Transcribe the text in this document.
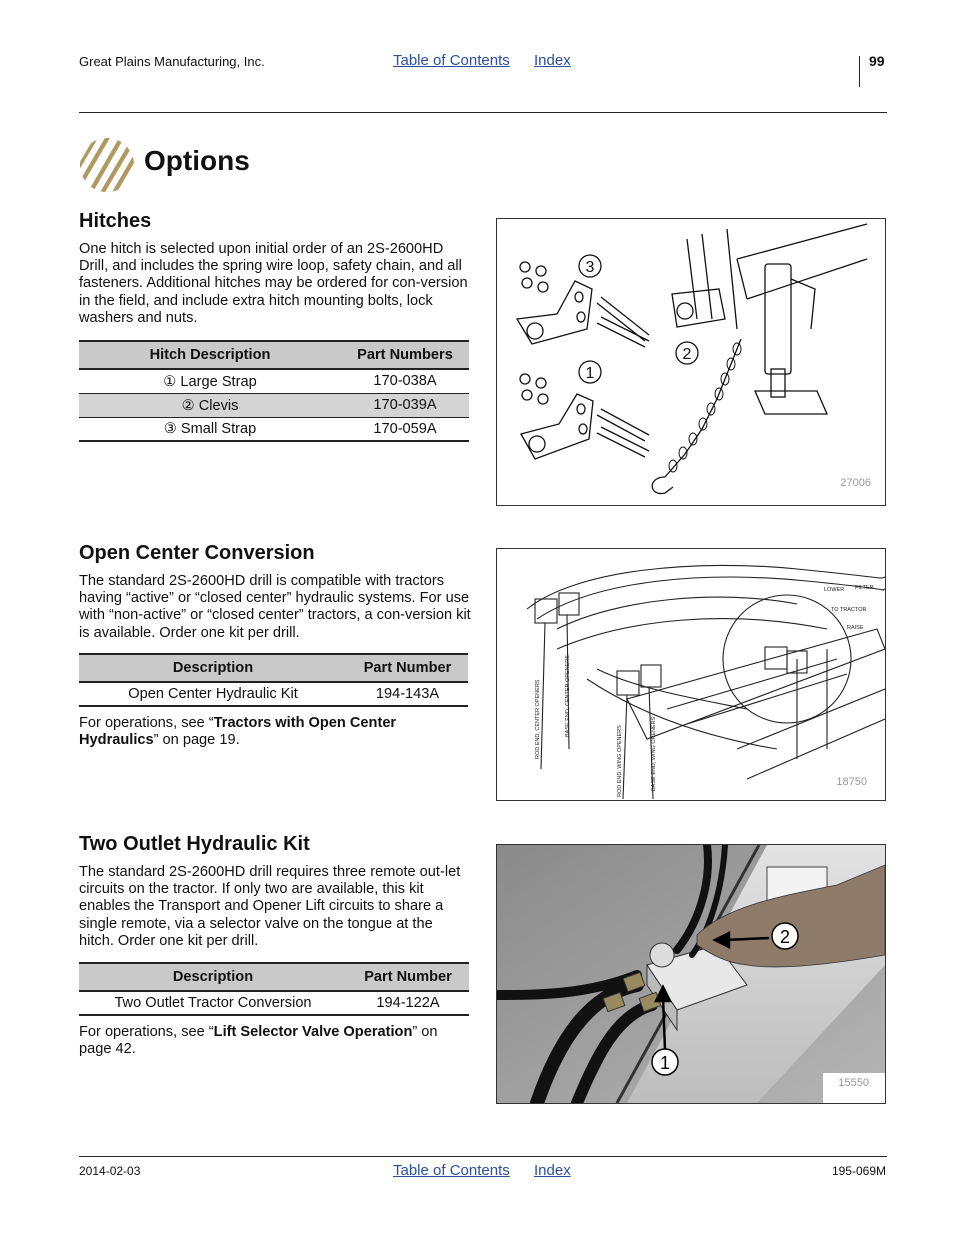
Great Plains Manufacturing, Inc.	Table of Contents Index	99
Options
Hitches
One hitch is selected upon initial order of an 2S-2600HD Drill, and includes the spring wire loop, safety chain, and all fasteners. Additional hitches may be ordered for con-version in the field, and include extra hitch mounting bolts, lock washers and nuts.
Hitch Description	Part Numbers
① Large Strap	170-038A
② Clevis	170-039A
③ Small Strap	170-059A
3
1
2
27006
Open Center Conversion
The standard 2S-2600HD drill is compatible with tractors having “active” or “closed center” hydraulic systems. For use with “non-active” or “closed center” tractors, a con-version kit is available. Order one kit per drill.
Description	Part Number
Open Center Hydraulic Kit	194-143A
For operations, see “Tractors with Open Center Hydraulics” on page 19.
LOWER FILTER
TO TRACTOR
RAISE
ROD END, CENTER OPENERS	BASE END, CENTER OPENERS
ROD END, WING OPENERS	BASE END, WING OPENERS	18750
Two Outlet Hydraulic Kit
The standard 2S-2600HD drill requires three remote out-let circuits on the tractor. If only two are available, this kit enables the Transport and Opener Lift circuits to share a single remote, via a selector valve on the tongue at the hitch. Order one kit per drill.
Description	Part Number
Two Outlet Tractor Conversion	194-122A
For operations, see “Lift Selector Valve Operation” on page 42.
2
1
15550
2014-02-03	Table of Contents Index	195-069M
